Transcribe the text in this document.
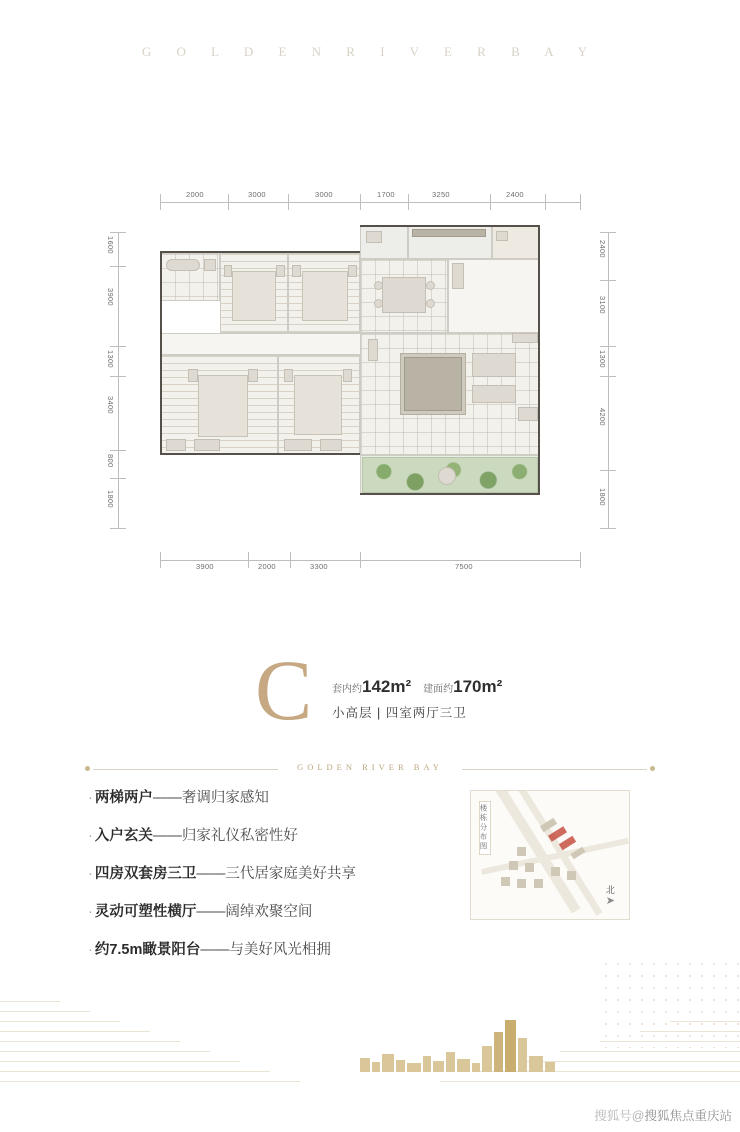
G O L D E N R I V E R B A Y
2000	3000	3000	1700	3250	2400
1600
3900
1300
3400
800
1800
2400
3100
1300
4200
1800
3900	2000	3300	7500
C 套内约142m² 建面约170m²
小高层 | 四室两厅三卫
GOLDEN RIVER BAY
· 两梯两户——奢调归家感知
· 入户玄关——归家礼仪私密性好
· 四房双套房三卫——三代居家庭美好共享
· 灵动可塑性横厅——阔绰欢聚空间
· 约7.5m瞰景阳台——与美好风光相拥
楼栋分布图
北
➤
搜狐号@搜狐焦点重庆站
